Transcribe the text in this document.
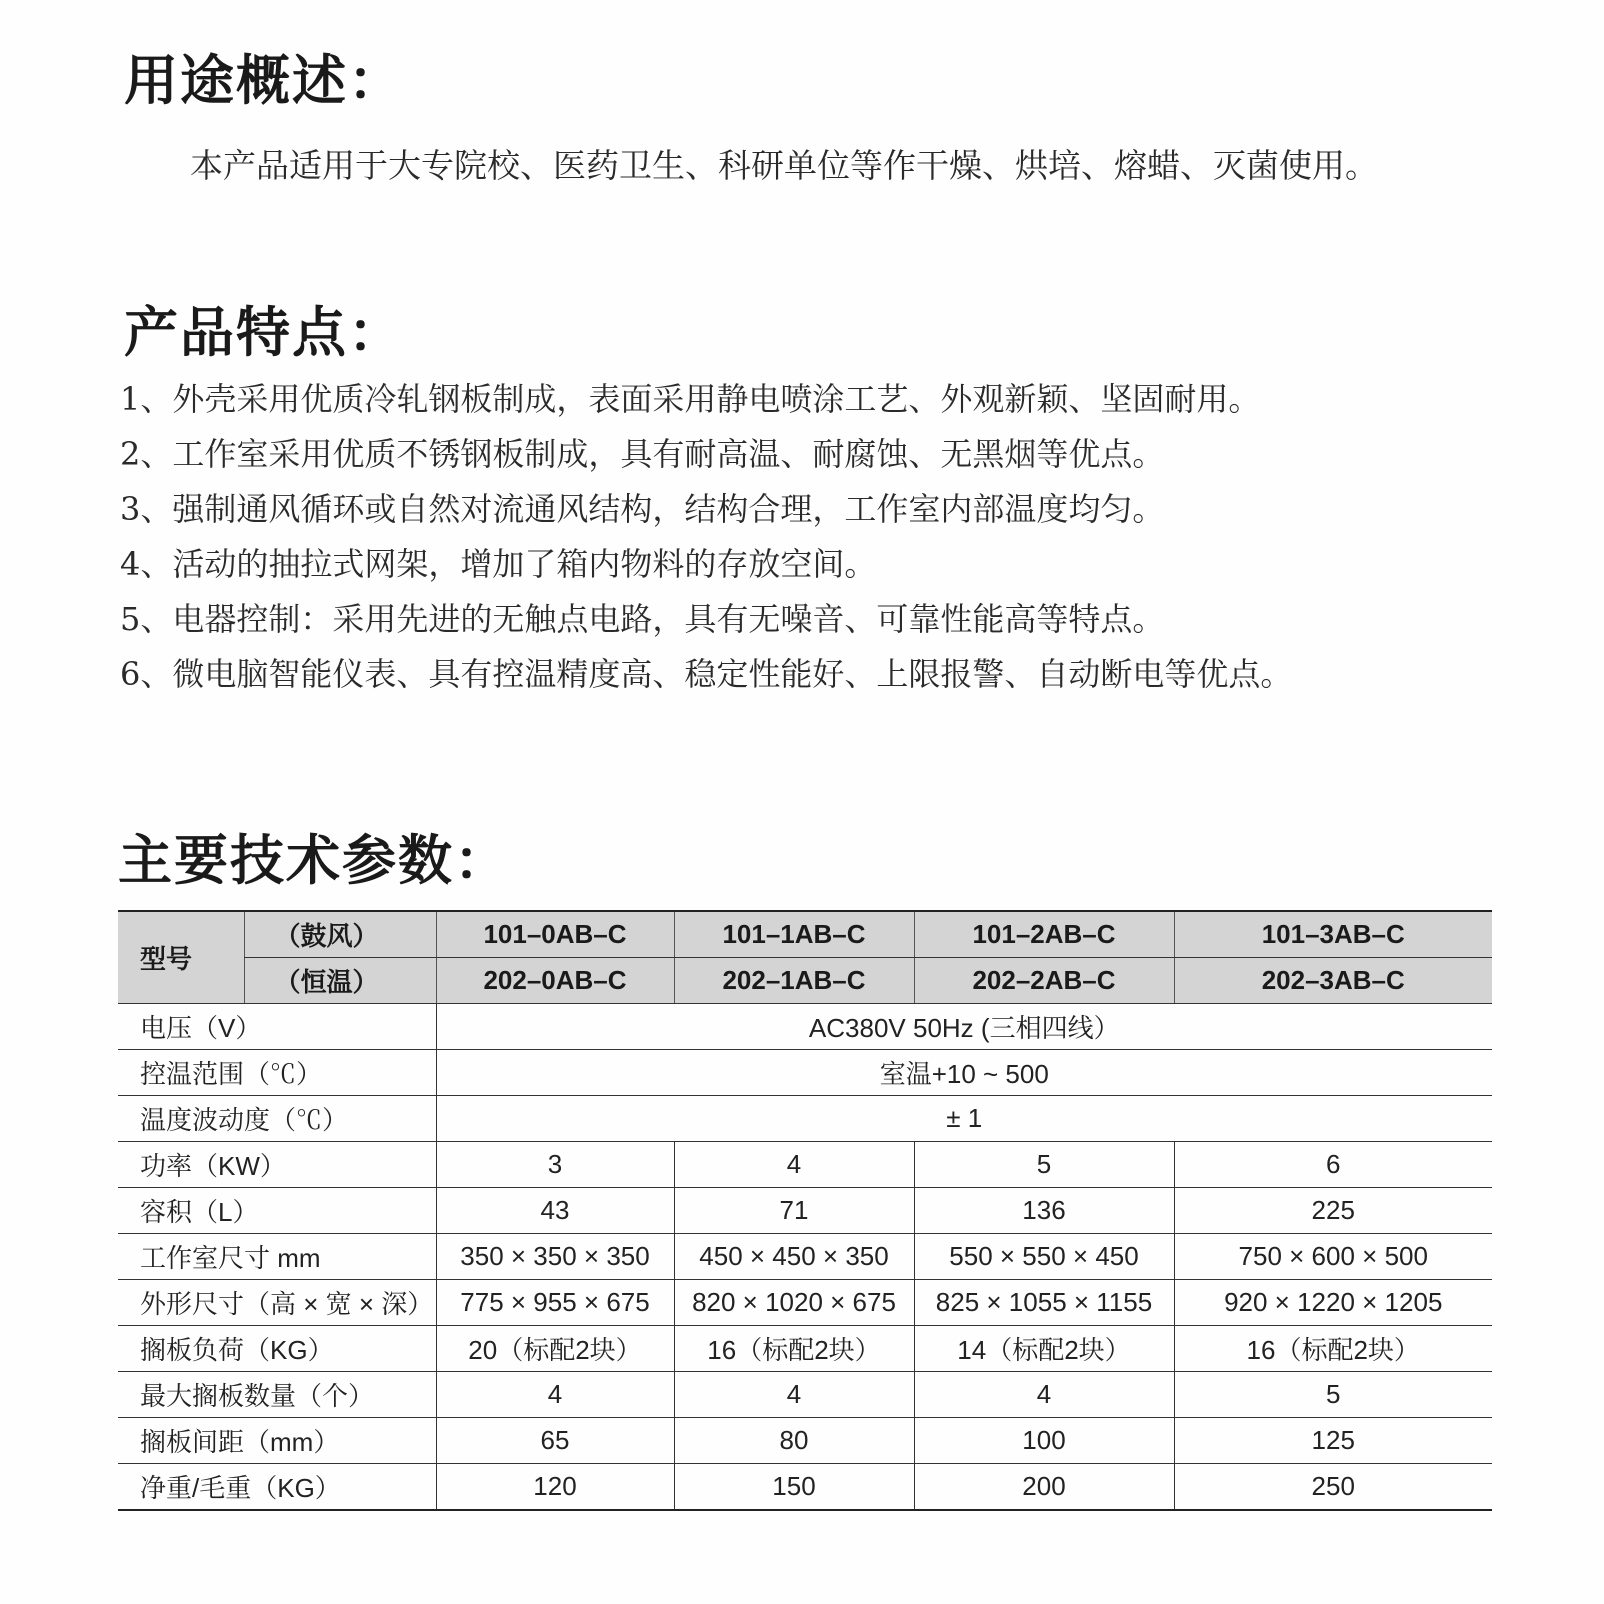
用途概述：
本产品适用于大专院校、医药卫生、科研单位等作干燥、烘培、熔蜡、灭菌使用。
产品特点：
1、外壳采用优质冷轧钢板制成，表面采用静电喷涂工艺、外观新颖、坚固耐用。
2、工作室采用优质不锈钢板制成，具有耐高温、耐腐蚀、无黑烟等优点。
3、强制通风循环或自然对流通风结构，结构合理，工作室内部温度均匀。
4、活动的抽拉式网架，增加了箱内物料的存放空间。
5、电器控制：采用先进的无触点电路，具有无噪音、可靠性能高等特点。
6、微电脑智能仪表、具有控温精度高、稳定性能好、上限报警、自动断电等优点。
主要技术参数：
型号	（鼓风）	101–0AB–C	101–1AB–C	101–2AB–C	101–3AB–C
	（恒温）	202–0AB–C	202–1AB–C	202–2AB–C	202–3AB–C
电压（V）		AC380V 50Hz (三相四线）			
控温范围（℃）		室温+10 ~ 500			
温度波动度（℃）		± 1			
功率（KW）		3	4	5	6
容积（L）		43	71	136	225
工作室尺寸 mm		350 × 350 × 350	450 × 450 × 350	550 × 550 × 450	750 × 600 × 500
外形尺寸（高 × 宽 × 深）		775 × 955 × 675	820 × 1020 × 675	825 × 1055 × 1155	920 × 1220 × 1205
搁板负荷（KG）		20（标配2块）	16（标配2块）	14（标配2块）	16（标配2块）
最大搁板数量（个）		4	4	4	5
搁板间距（mm）		65	80	100	125
净重/毛重（KG）		120	150	200	250
